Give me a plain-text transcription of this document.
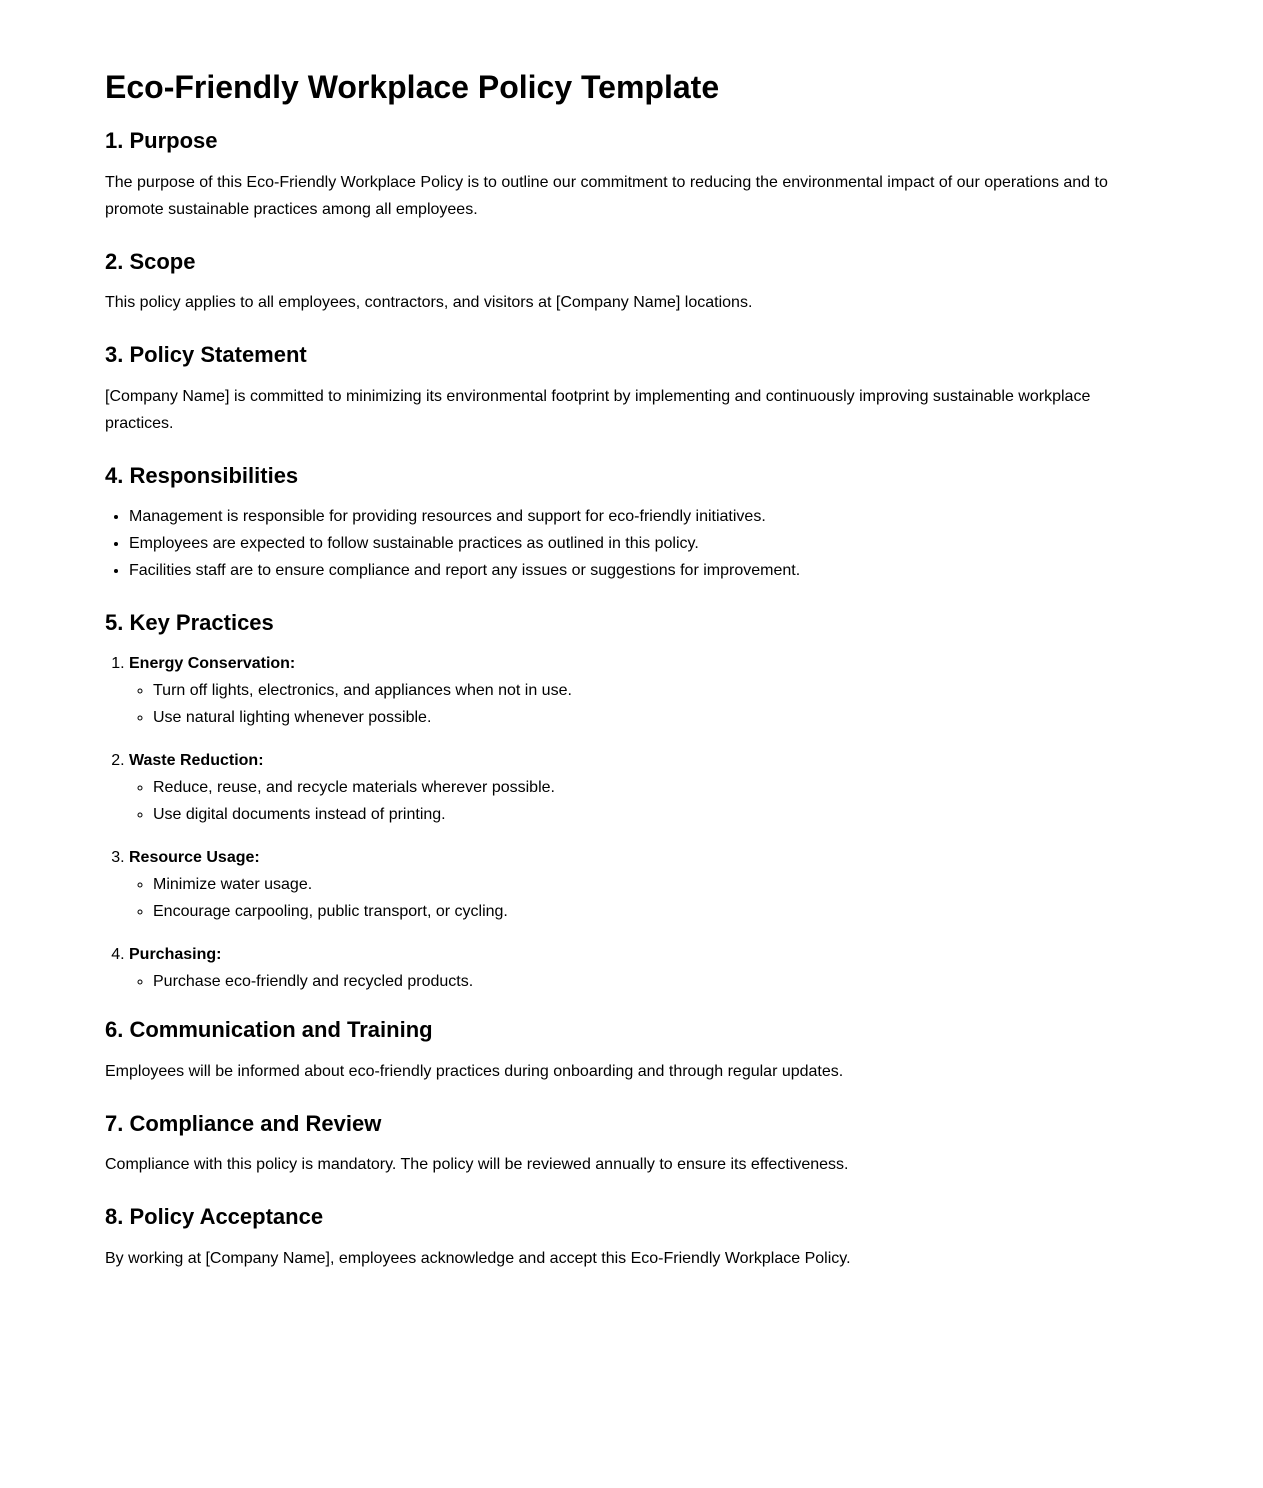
Eco-Friendly Workplace Policy Template
1. Purpose

The purpose of this Eco-Friendly Workplace Policy is to outline our commitment to reducing the environmental impact of our operations and to promote sustainable practices among all employees.

2. Scope

This policy applies to all employees, contractors, and visitors at [Company Name] locations.

3. Policy Statement

[Company Name] is committed to minimizing its environmental footprint by implementing and continuously improving sustainable workplace practices.

4. Responsibilities
• Management is responsible for providing resources and support for eco-friendly initiatives.
• Employees are expected to follow sustainable practices as outlined in this policy.
• Facilities staff are to ensure compliance and report any issues or suggestions for improvement.
5. Key Practices
1. Energy Conservation:
◦ Turn off lights, electronics, and appliances when not in use.
◦ Use natural lighting whenever possible.
2. Waste Reduction:
◦ Reduce, reuse, and recycle materials wherever possible.
◦ Use digital documents instead of printing.
3. Resource Usage:
◦ Minimize water usage.
◦ Encourage carpooling, public transport, or cycling.
4. Purchasing:
◦ Purchase eco-friendly and recycled products.
6. Communication and Training

Employees will be informed about eco-friendly practices during onboarding and through regular updates.

7. Compliance and Review

Compliance with this policy is mandatory. The policy will be reviewed annually to ensure its effectiveness.

8. Policy Acceptance

By working at [Company Name], employees acknowledge and accept this Eco-Friendly Workplace Policy.
